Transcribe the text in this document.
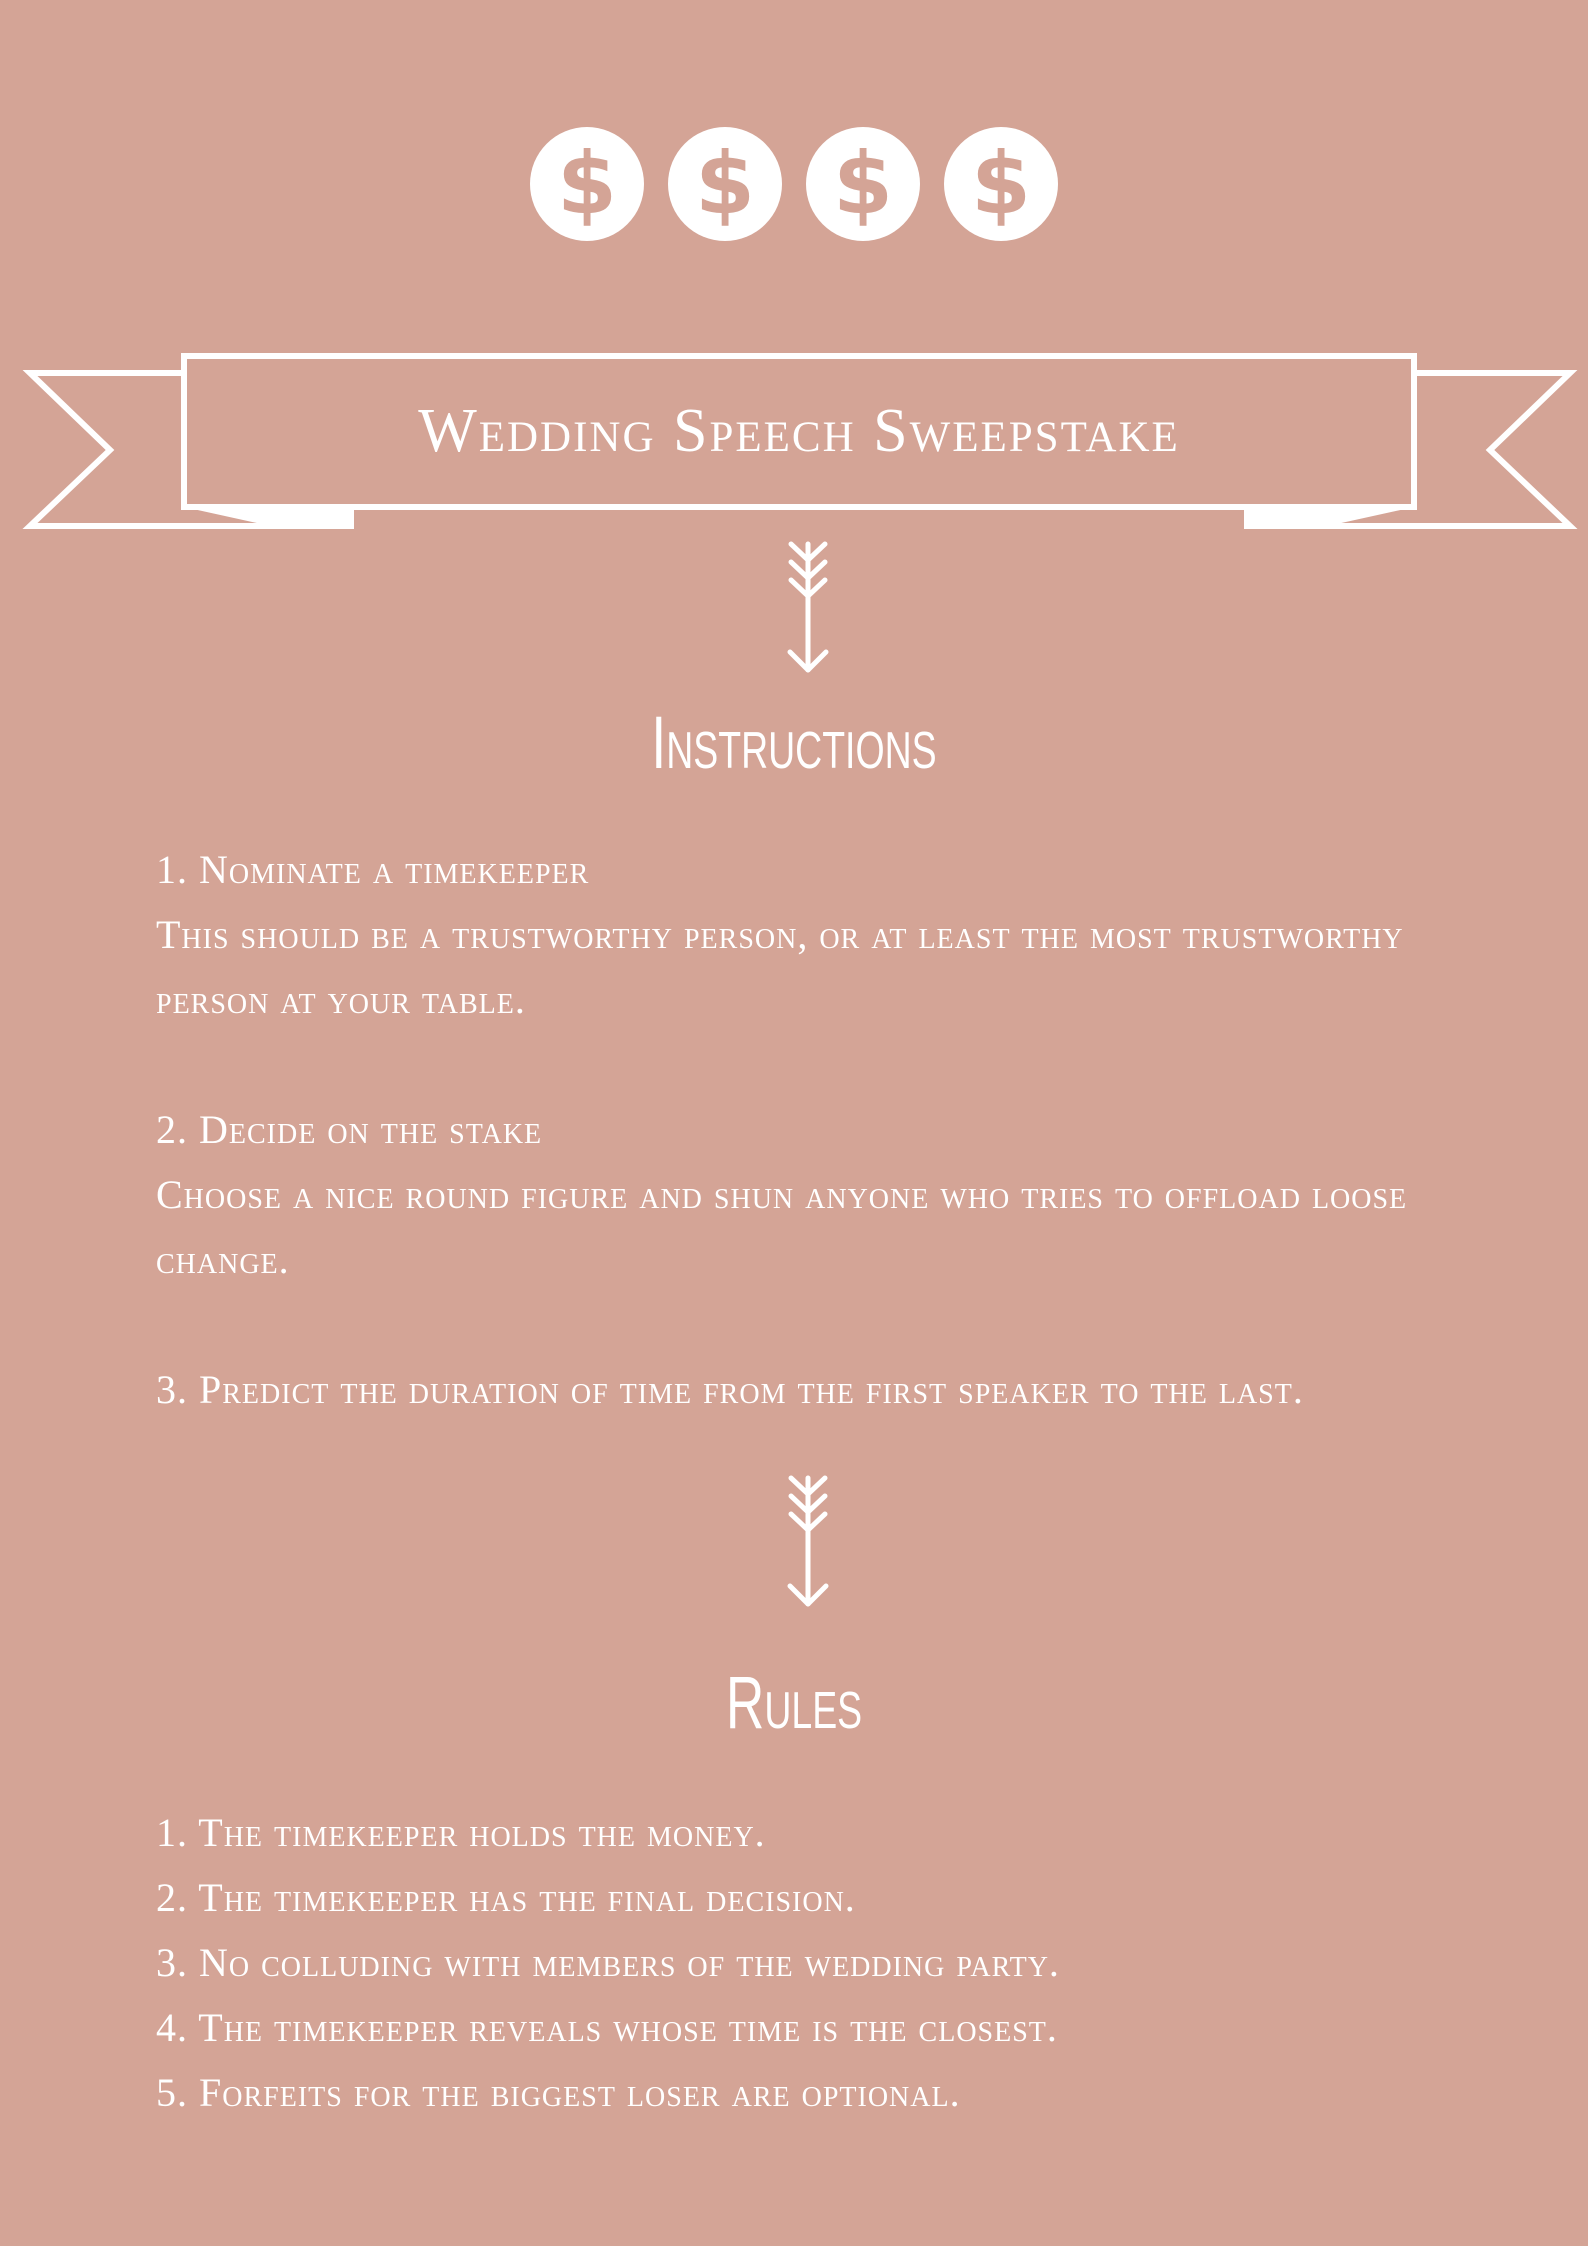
$ $ $ $
Wedding Speech Sweepstake
Instructions

1. Nominate a timekeeper

This should be a trustworthy person, or at least the most trustworthy person at your table.

2. Decide on the stake

Choose a nice round figure and shun anyone who tries to offload loose change.

3. Predict the duration of time from the first speaker to the last.

Rules

1. The timekeeper holds the money.

2. The timekeeper has the final decision.

3. No colluding with members of the wedding party.

4. The timekeeper reveals whose time is the closest.

5. Forfeits for the biggest loser are optional.
